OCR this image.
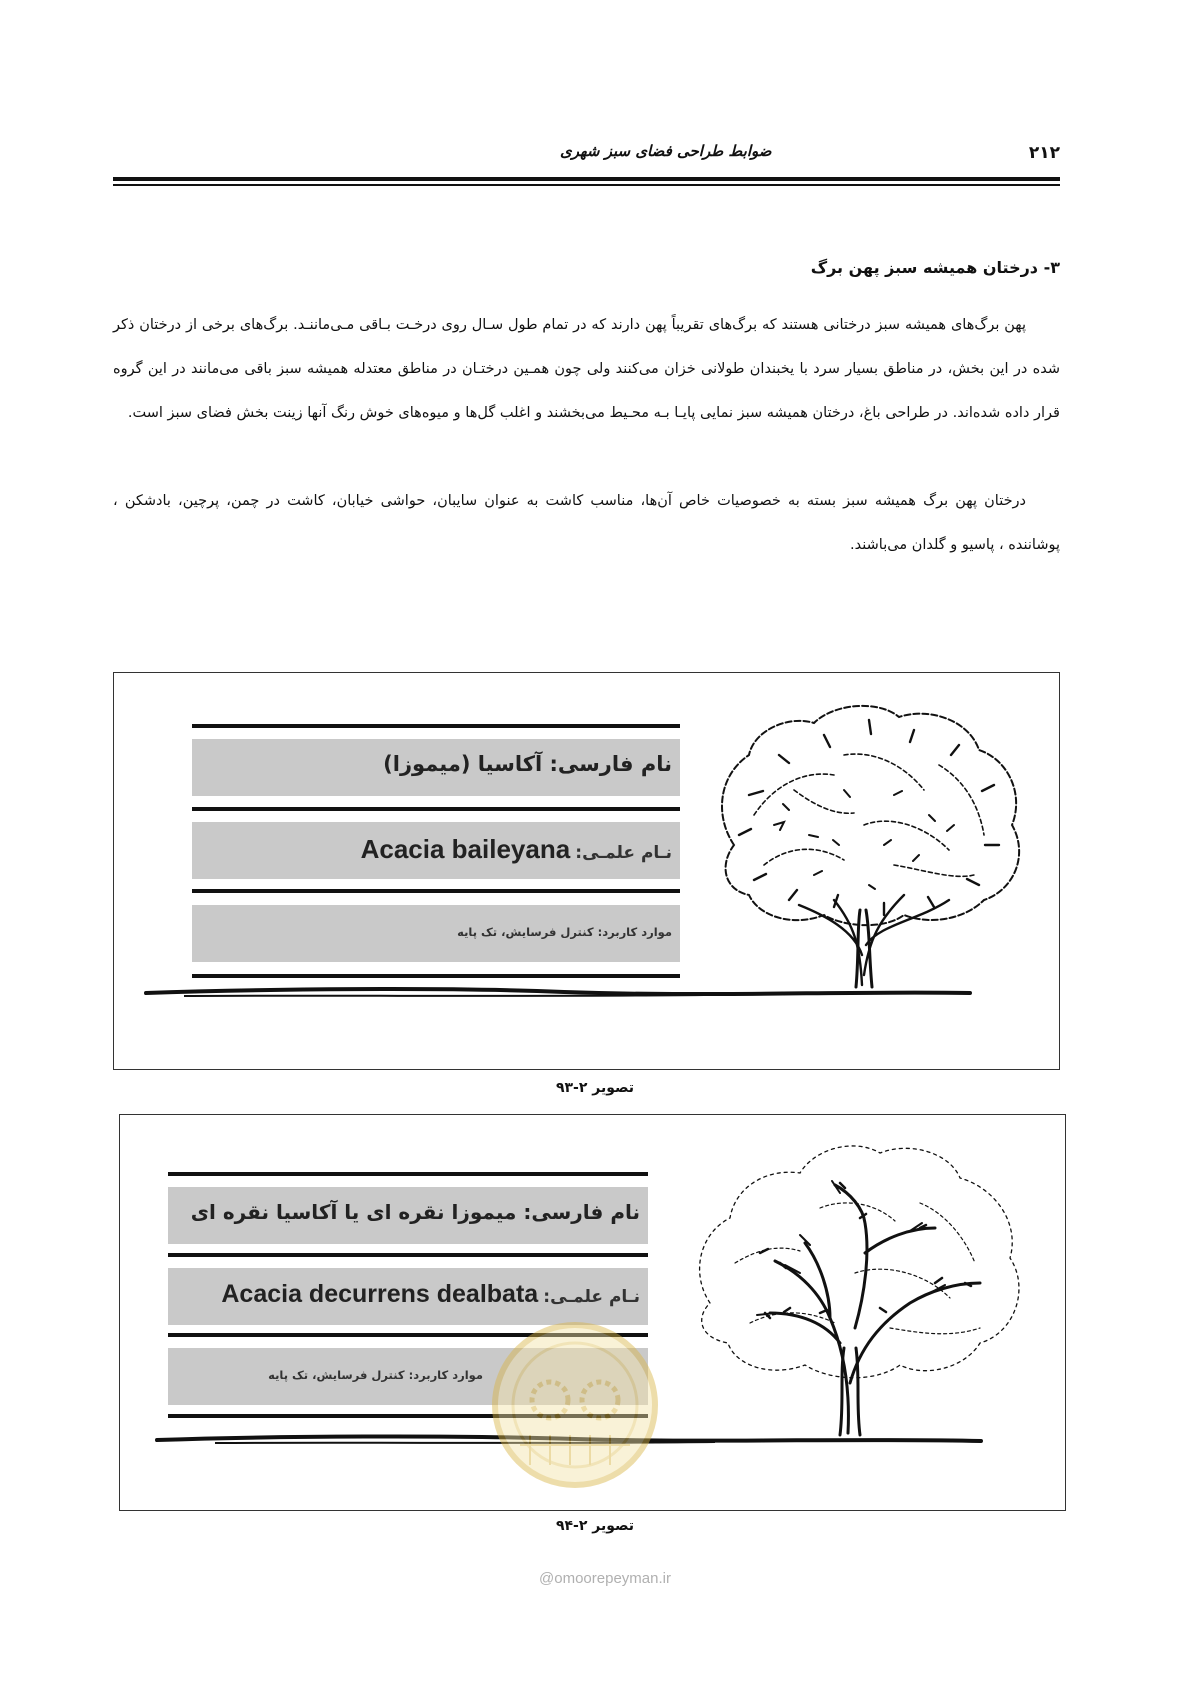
۲۱۲
ضوابط طراحی فضای سبز شهری
۳- درختان همیشه سبز پهن برگ
پهن برگ‌های همیشه سبز درختانی هستند که برگ‌های تقریباً پهن دارند که در تمام طول سـال روی درخـت بـاقی مـی‌ماننـد. برگ‌های برخی از درختان ذکر شده در این بخش، در مناطق بسیار سرد با یخبندان طولانی خزان می‌کنند ولی چون همـین درختـان در مناطق معتدله همیشه سبز باقی می‌مانند در این گروه قرار داده شده‌اند. در طراحی باغ، درختان همیشه سبز نمایی پایـا بـه محـیط می‌بخشند و اغلب گل‌ها و میوه‌های خوش رنگ آنها زینت بخش فضای سبز است.
درختان پهن برگ همیشه سبز بسته به خصوصیات خاص آن‌ها، مناسب کاشت به عنوان سایبان، حواشی خیابان، کاشت در چمن، پرچین، بادشکن ، پوشاننده ، پاسیو و گلدان می‌باشند.
نام فارسی: آکاسیا (میموزا)
نـام علمـی: Acacia baileyana
موارد کاربرد: کنترل فرسایش، تک پایه
تصویر ۲-۹۳
نام فارسی: میموزا نقره ای یا آکاسیا نقره ای
نـام علمـی: Acacia decurrens dealbata
موارد کاربرد: کنترل فرسایش، تک پایه
تصویر ۲-۹۴
@omoorepeyman.ir
